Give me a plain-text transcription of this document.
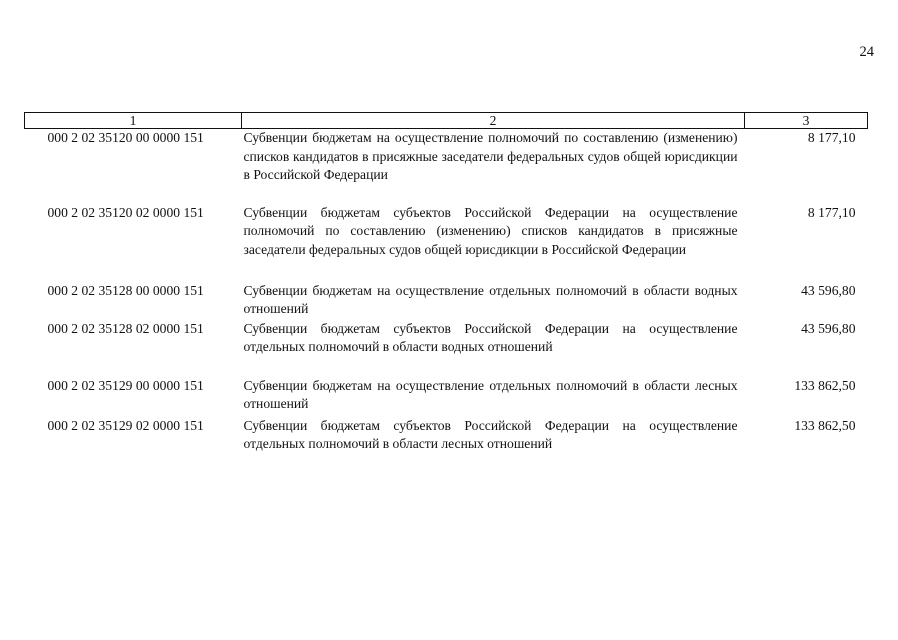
24
1	2	3
000 2 02 35120 00 0000 151	Субвенции бюджетам на осуществление полномочий по составлению (изменению) списков кандидатов в присяжные заседатели федеральных судов общей юрисдикции в Российской Федерации	8 177,10
000 2 02 35120 02 0000 151	Субвенции бюджетам субъектов Российской Федерации на осуществление полномочий по составлению (изменению) списков кандидатов в присяжные заседатели федеральных судов общей юрисдикции в Российской Федерации	8 177,10
000 2 02 35128 00 0000 151	Субвенции бюджетам на осуществление отдельных полномочий в области водных отношений	43 596,80
000 2 02 35128 02 0000 151	Субвенции бюджетам субъектов Российской Федерации на осуществление отдельных полномочий в области водных отношений	43 596,80
000 2 02 35129 00 0000 151	Субвенции бюджетам на осуществление отдельных полномочий в области лесных отношений	133 862,50
000 2 02 35129 02 0000 151	Субвенции бюджетам субъектов Российской Федерации на осуществление отдельных полномочий в области лесных отношений	133 862,50
